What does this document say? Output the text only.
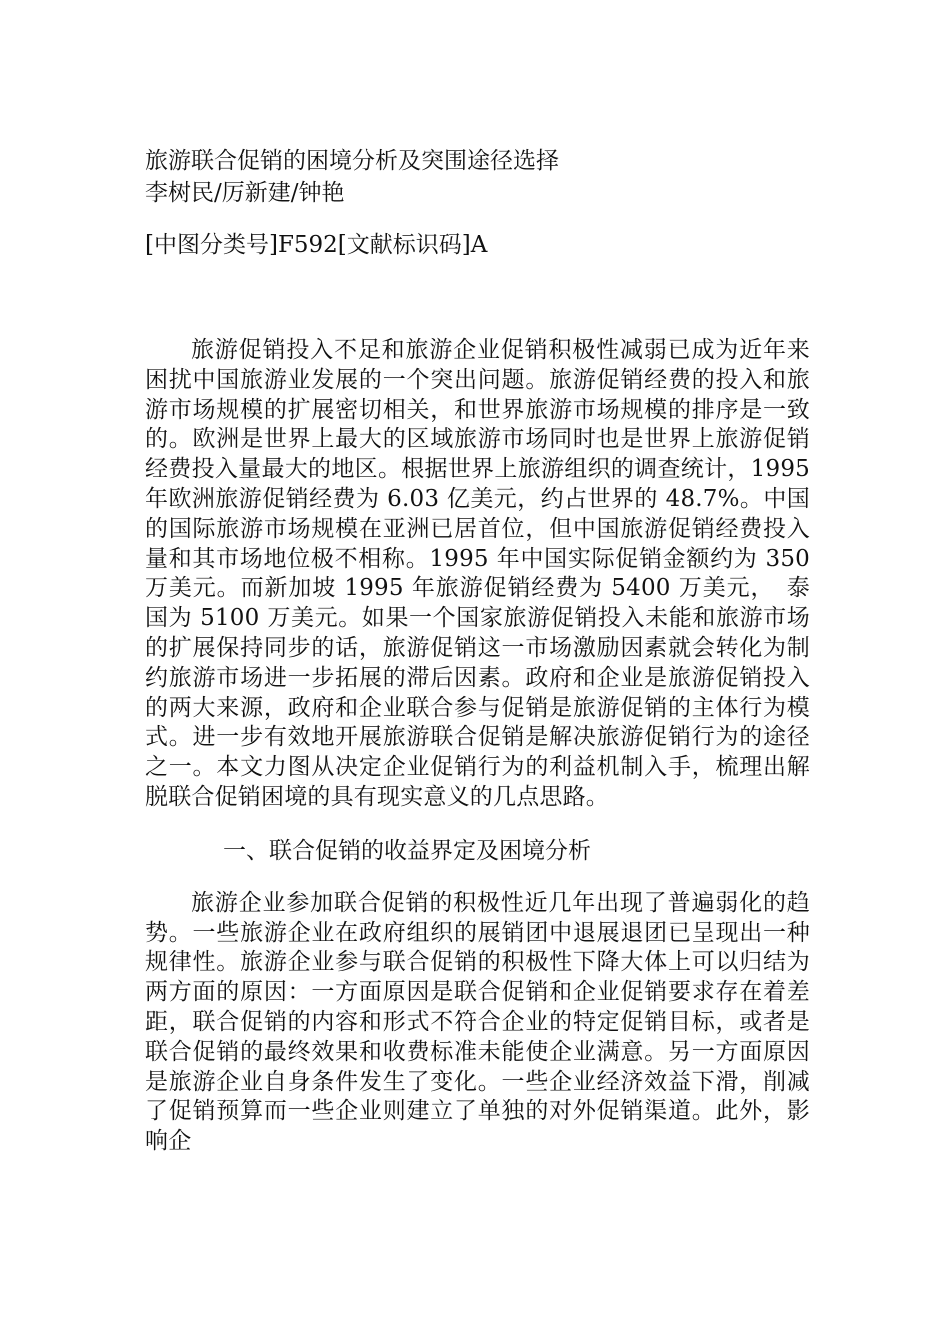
旅游联合促销的困境分析及突围途径选择

李树民/厉新建/钟艳

[中图分类号]F592[文献标识码]A

旅游促销投入不足和旅游企业促销积极性减弱已成为近年来困扰中国旅游业发展的一个突出问题。旅游促销经费的投入和旅游市场规模的扩展密切相关，和世界旅游市场规模的排序是一致的。欧洲是世界上最大的区域旅游市场同时也是世界上旅游促销经费投入量最大的地区。根据世界上旅游组织的调查统计，1995 年欧洲旅游促销经费为 6.03 亿美元，约占世界的 48.7%。中国的国际旅游市场规模在亚洲已居首位，但中国旅游促销经费投入量和其市场地位极不相称。1995 年中国实际促销金额约为 350 万美元。而新加坡 1995 年旅游促销经费为 5400 万美元，　泰国为 5100 万美元。如果一个国家旅游促销投入未能和旅游市场的扩展保持同步的话，旅游促销这一市场激励因素就会转化为制约旅游市场进一步拓展的滞后因素。政府和企业是旅游促销投入的两大来源，政府和企业联合参与促销是旅游促销的主体行为模式。进一步有效地开展旅游联合促销是解决旅游促销行为的途径之一。本文力图从决定企业促销行为的利益机制入手，梳理出解脱联合促销困境的具有现实意义的几点思路。

一、联合促销的收益界定及困境分析

旅游企业参加联合促销的积极性近几年出现了普遍弱化的趋势。一些旅游企业在政府组织的展销团中退展退团已呈现出一种规律性。旅游企业参与联合促销的积极性下降大体上可以归结为两方面的原因：一方面原因是联合促销和企业促销要求存在着差距，联合促销的内容和形式不符合企业的特定促销目标，或者是联合促销的最终效果和收费标准未能使企业满意。另一方面原因是旅游企业自身条件发生了变化。一些企业经济效益下滑，削减了促销预算而一些企业则建立了单独的对外促销渠道。此外，影响企
